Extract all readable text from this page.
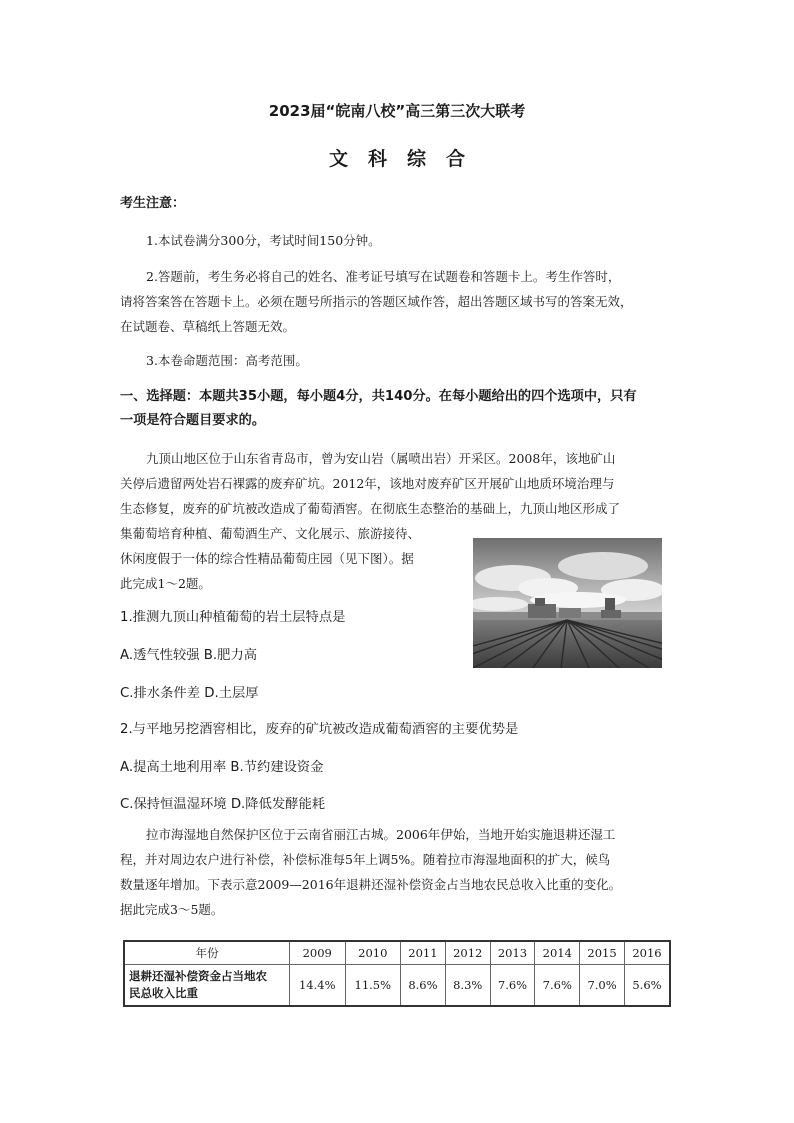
2023届“皖南八校”高三第三次大联考
文科综合
考生注意：
1.本试卷满分300分，考试时间150分钟。
2.答题前，考生务必将自己的姓名、准考证号填写在试题卷和答题卡上。考生作答时，
请将答案答在答题卡上。必须在题号所指示的答题区域作答，超出答题区域书写的答案无效，
在试题卷、草稿纸上答题无效。
3.本卷命题范围：高考范围。
一、选择题：本题共35小题，每小题4分，共140分。在每小题给出的四个选项中，只有
一项是符合题目要求的。
九顶山地区位于山东省青岛市，曾为安山岩（属喷出岩）开采区。2008年，该地矿山
关停后遗留两处岩石裸露的废弃矿坑。2012年，该地对废弃矿区开展矿山地质环境治理与
生态修复，废弃的矿坑被改造成了葡萄酒窖。在彻底生态整治的基础上，九顶山地区形成了
集葡萄培育种植、葡萄酒生产、文化展示、旅游接待、
休闲度假于一体的综合性精品葡萄庄园（见下图）。据
此完成1～2题。
1.推测九顶山种植葡萄的岩土层特点是
A.透气性较强 B.肥力高
C.排水条件差 D.土层厚
2.与平地另挖酒窖相比，废弃的矿坑被改造成葡萄酒窖的主要优势是
A.提高土地利用率 B.节约建设资金
C.保持恒温湿环境 D.降低发酵能耗
拉市海湿地自然保护区位于云南省丽江古城。2006年伊始，当地开始实施退耕还湿工
程，并对周边农户进行补偿，补偿标准每5年上调5%。随着拉市海湿地面积的扩大，候鸟
数量逐年增加。下表示意2009—2016年退耕还湿补偿资金占当地农民总收入比重的变化。
据此完成3～5题。
年份	2009	2010	2011	2012	2013	2014	2015	2016

退耕还湿补偿资金占当地农
民总收入比重	14.4%	11.5%	8.6%	8.3%	7.6%	7.6%	7.0%	5.6%
